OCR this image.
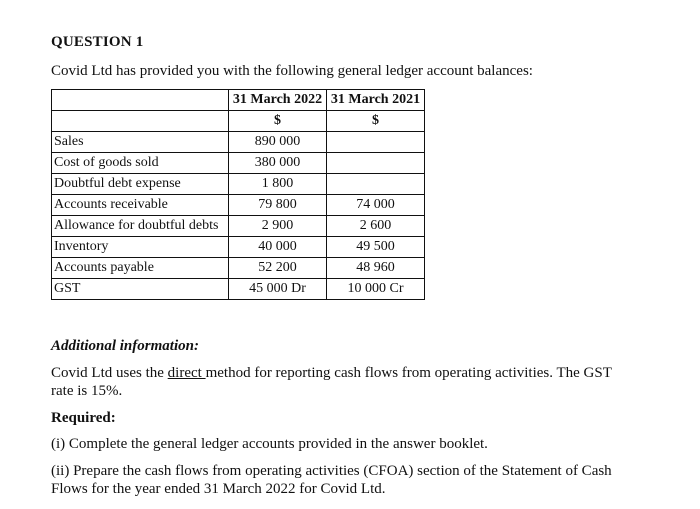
QUESTION 1
Covid Ltd has provided you with the following general ledger account balances:
	31 March 2022	31 March 2021
	$	$
Sales	890 000	
Cost of goods sold	380 000	
Doubtful debt expense	1 800	
Accounts receivable	79 800	74 000
Allowance for doubtful debts	2 900	2 600
Inventory	40 000	49 500
Accounts payable	52 200	48 960
GST	45 000 Dr	10 000 Cr
Additional information:
Covid Ltd uses the direct method for reporting cash flows from operating activities. The GST rate is 15%.
Required:
(i) Complete the general ledger accounts provided in the answer booklet.
(ii) Prepare the cash flows from operating activities (CFOA) section of the Statement of Cash Flows for the year ended 31 March 2022 for Covid Ltd.
